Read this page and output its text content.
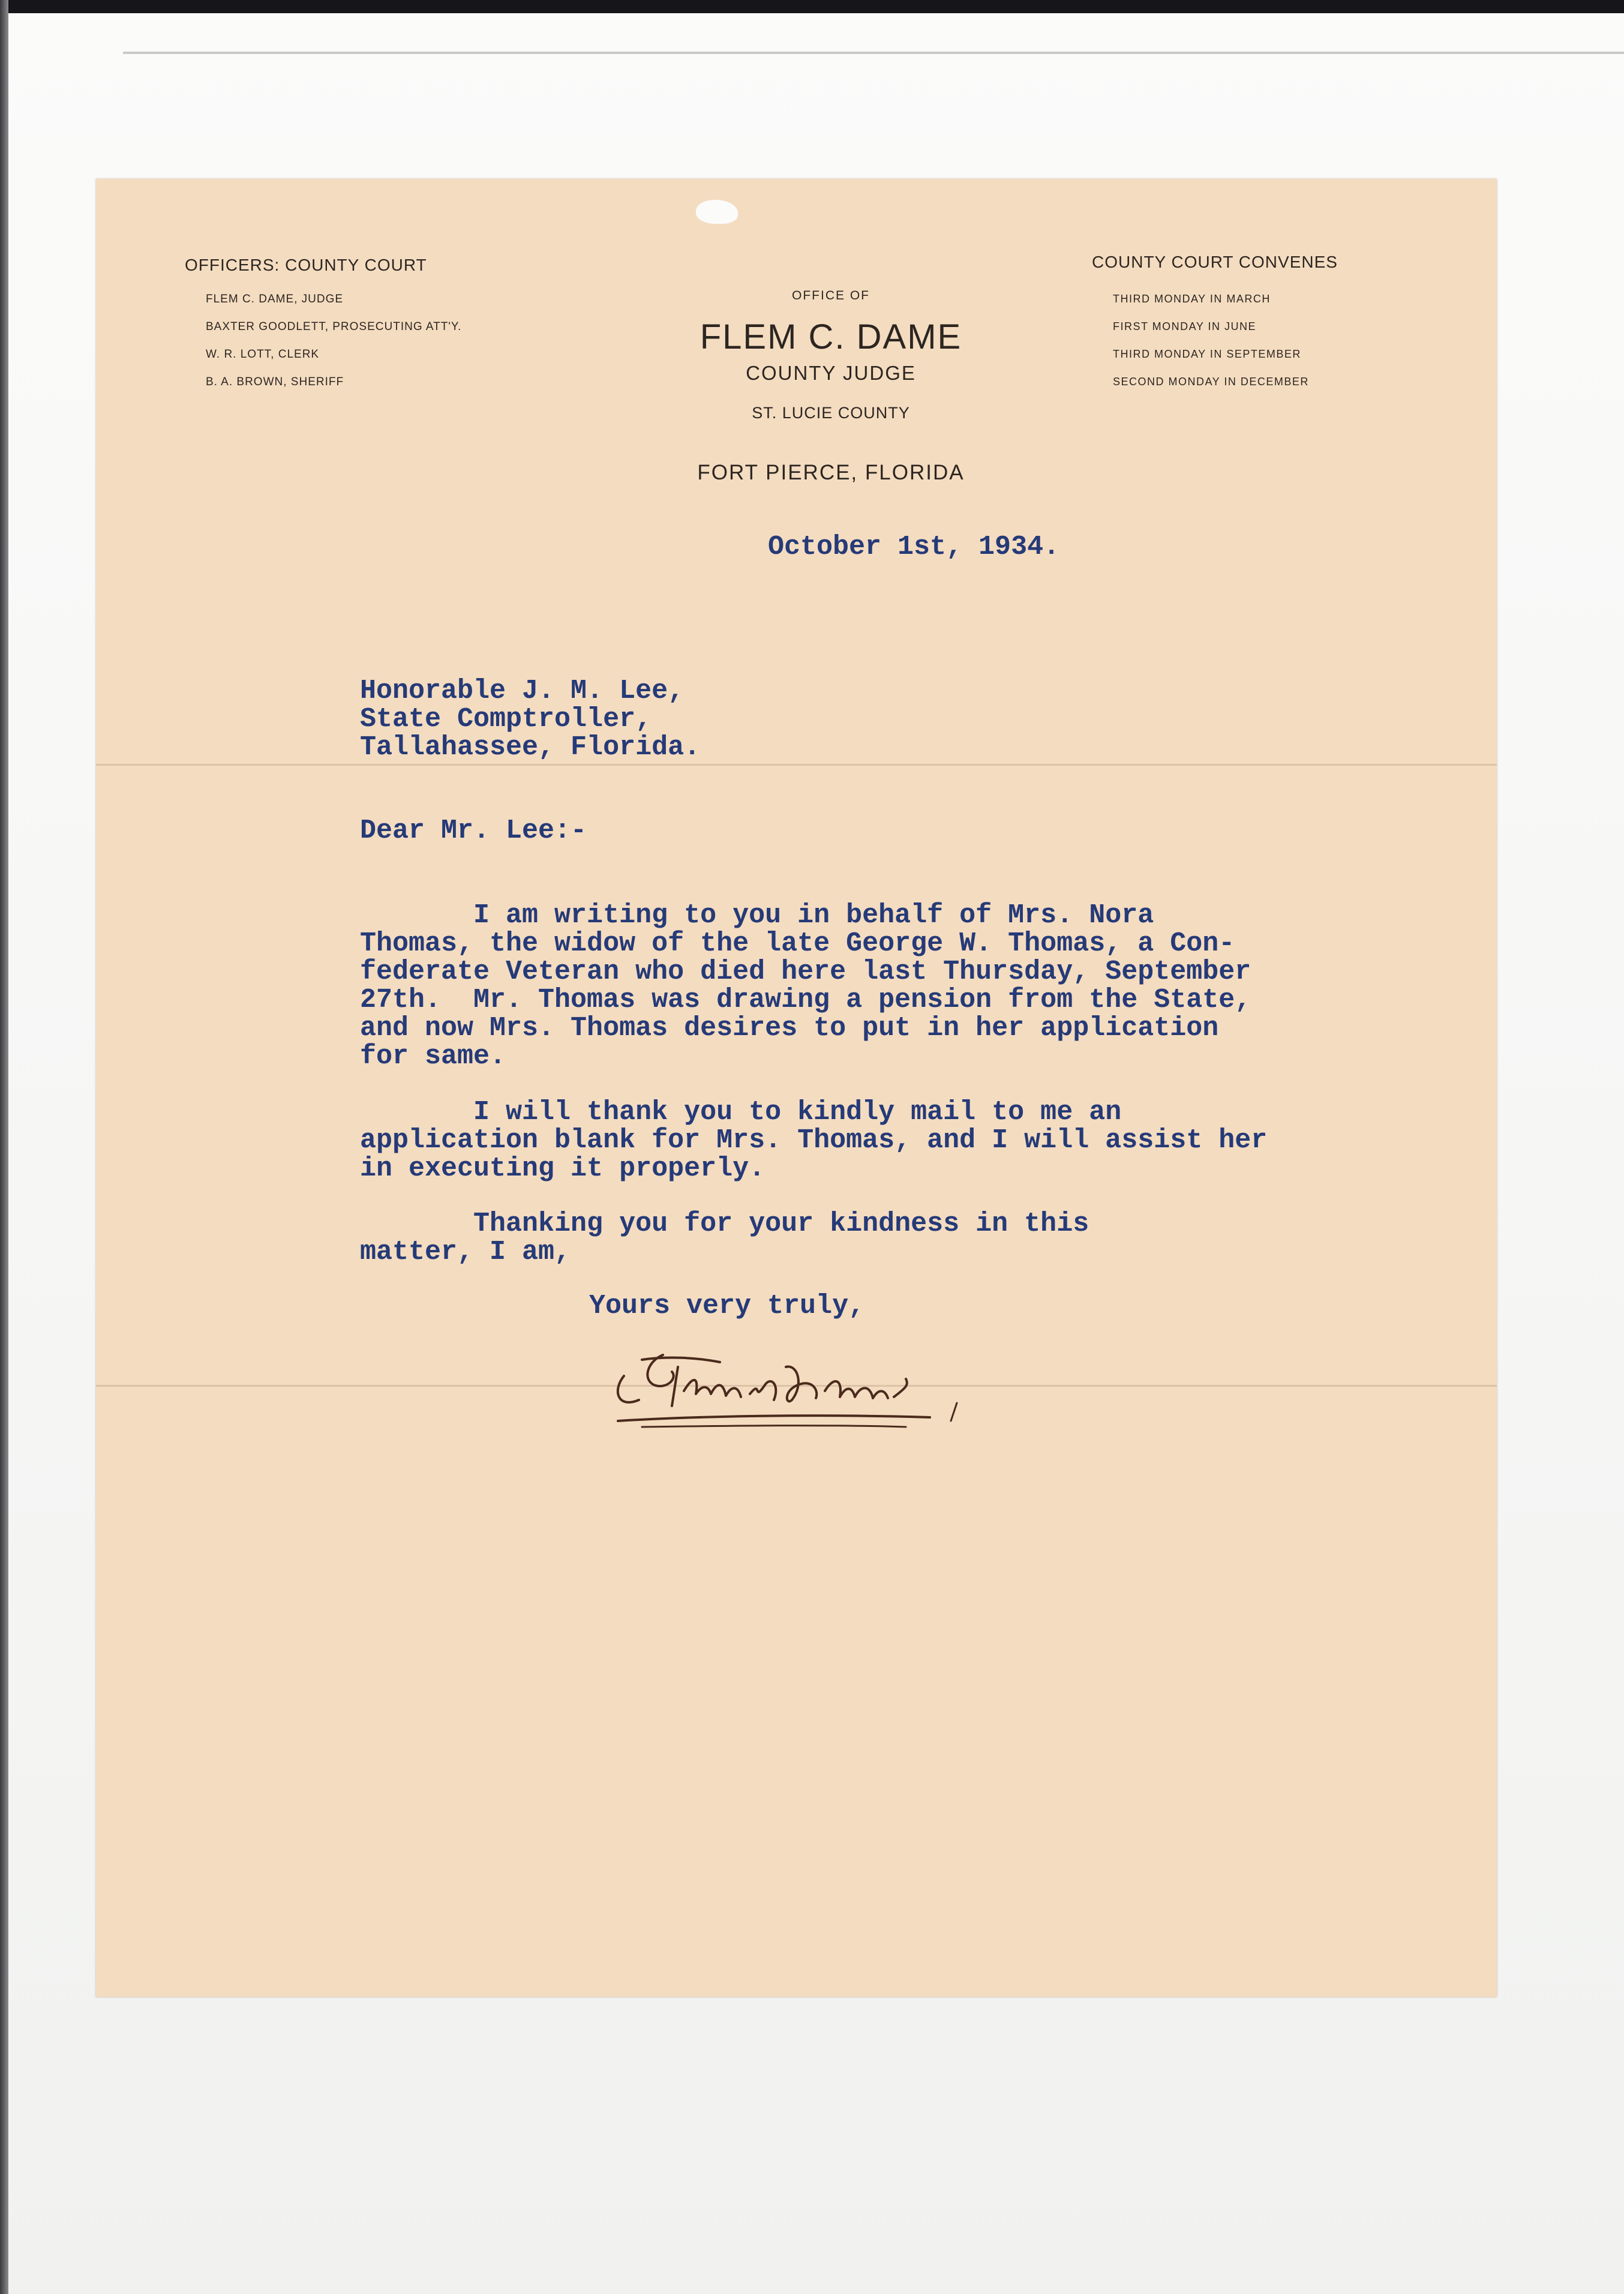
OFFICERS: COUNTY COURT
FLEM C. DAME, JUDGE
BAXTER GOODLETT, PROSECUTING ATT'Y.
W. R. LOTT, CLERK
B. A. BROWN, SHERIFF
OFFICE OF
FLEM C. DAME
COUNTY JUDGE
ST. LUCIE COUNTY
FORT PIERCE, FLORIDA
COUNTY COURT CONVENES
THIRD MONDAY IN MARCH
FIRST MONDAY IN JUNE
THIRD MONDAY IN SEPTEMBER
SECOND MONDAY IN DECEMBER
October 1st, 1934.
Honorable J. M. Lee,
State Comptroller,
Tallahassee, Florida.
Dear Mr. Lee:-
I am writing to you in behalf of Mrs. Nora
Thomas, the widow of the late George W. Thomas, a Con-
federate Veteran who died here last Thursday, September
27th.  Mr. Thomas was drawing a pension from the State,
and now Mrs. Thomas desires to put in her application
for same.
I will thank you to kindly mail to me an
application blank for Mrs. Thomas, and I will assist her
in executing it properly.
Thanking you for your kindness in this
matter, I am,
Yours very truly,
